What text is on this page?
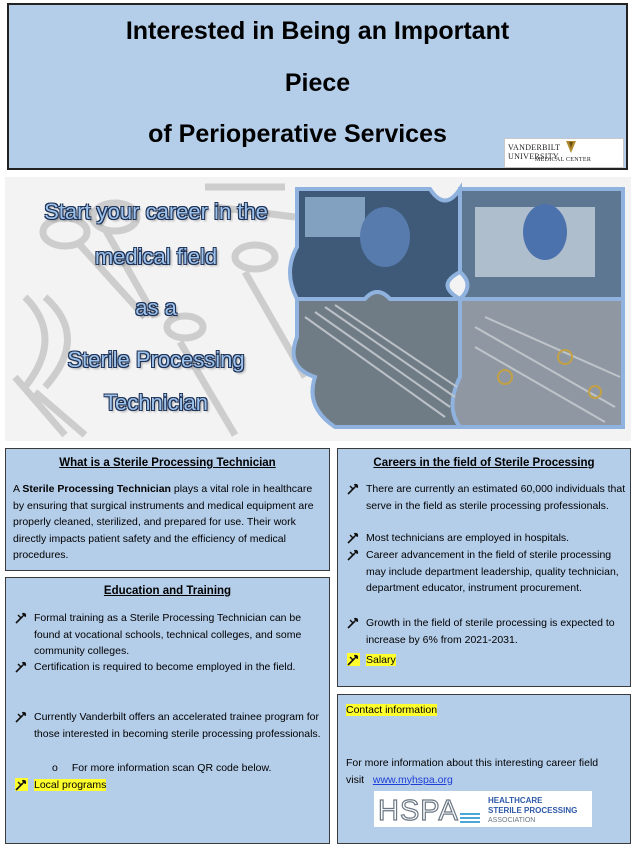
Interested in Being an Important
Piece
of Perioperative Services	VANDERBILTUNIVERSITY
MEDICAL CENTER
Start your career in the
medical field
as a
Sterile Processing
Technician
What is a Sterile Processing Technician
A Sterile Processing Technician plays a vital role in healthcare by ensuring that surgical instruments and medical equipment are properly cleaned, sterilized, and prepared for use. Their work directly impacts patient safety and the efficiency of medical procedures.
Education and Training
Formal training as a Sterile Processing Technician can be found at vocational schools, technical colleges, and some community colleges.
Certification is required to become employed in the field.
Currently Vanderbilt offers an accelerated trainee program for those interested in becoming sterile processing professionals.
o For more information scan QR code below.
Local programs
Careers in the field of Sterile Processing
There are currently an estimated 60,000 individuals that serve in the field as sterile processing professionals.
Most technicians are employed in hospitals.
Career advancement in the field of sterile processing may include department leadership, quality technician, department educator, instrument procurement.
Growth in the field of sterile processing is expected to increase by 6% from 2021-2031.
Salary
Contact information
For more information about this interesting career field visit www.myhspa.org
HSPA	HEALTHCARE
STERILE PROCESSING
ASSOCIATION
